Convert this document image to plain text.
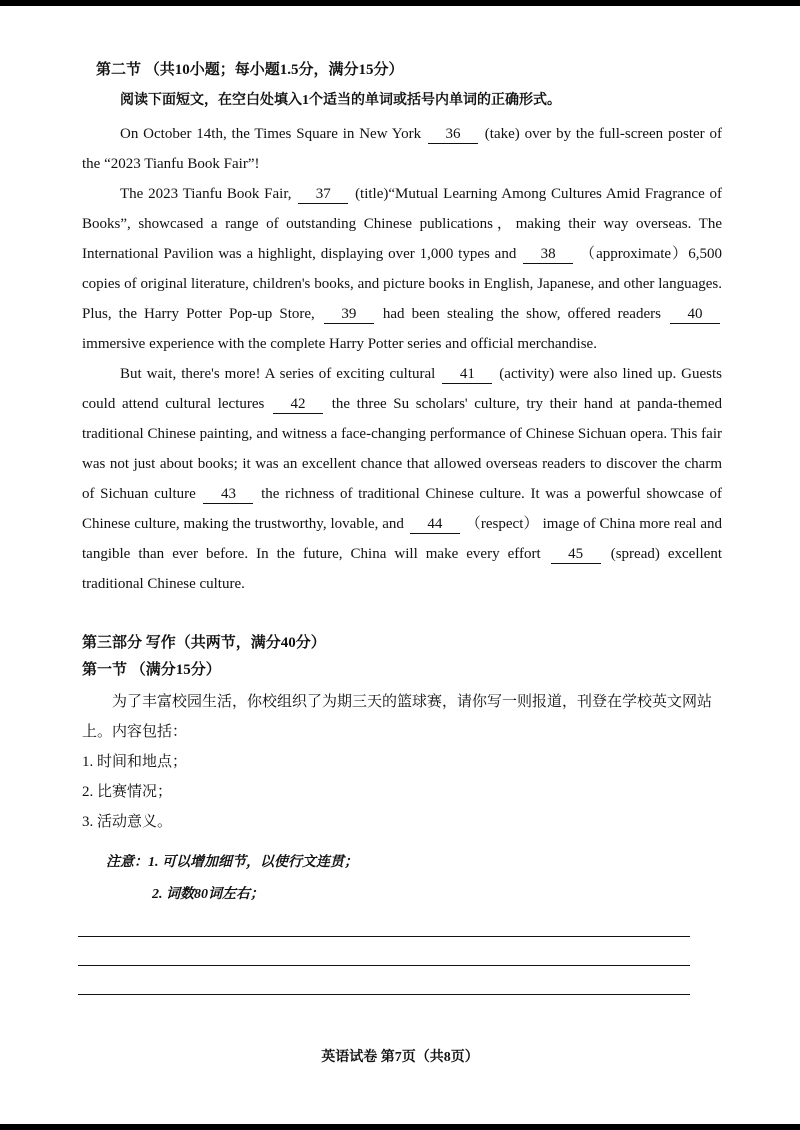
第二节 （共10小题；每小题1.5分，满分15分）
阅读下面短文，在空白处填入1个适当的单词或括号内单词的正确形式。

On October 14th, the Times Square in New York 36 (take) over by the full-screen poster of the “2023 Tianfu Book Fair”!

The 2023 Tianfu Book Fair, 37 (title)“Mutual Learning Among Cultures Amid Fragrance of Books”, showcased a range of outstanding Chinese publications，making their way overseas. The International Pavilion was a highlight, displaying over 1,000 types and 38 （approximate）6,500 copies of original literature, children's books, and picture books in English, Japanese, and other languages. Plus, the Harry Potter Pop-up Store, 39 had been stealing the show, offered readers 40 immersive experience with the complete Harry Potter series and official merchandise.

But wait, there's more! A series of exciting cultural 41 (activity) were also lined up. Guests could attend cultural lectures 42 the three Su scholars' culture, try their hand at panda-themed traditional Chinese painting, and witness a face-changing performance of Chinese Sichuan opera. This fair was not just about books; it was an excellent chance that allowed overseas readers to discover the charm of Sichuan culture 43 the richness of traditional Chinese culture. It was a powerful showcase of Chinese culture, making the trustworthy, lovable, and 44 （respect） image of China more real and tangible than ever before. In the future, China will make every effort 45 (spread) excellent traditional Chinese culture.

第三部分 写作（共两节，满分40分）
第一节 （满分15分）

为了丰富校园生活，你校组织了为期三天的篮球赛，请你写一则报道，刊登在学校英文网站上。内容包括：

1. 时间和地点；

2. 比赛情况；

3. 活动意义。

注意：1. 可以增加细节，以使行文连贯；
2. 词数80词左右；
英语试卷 第7页（共8页）
